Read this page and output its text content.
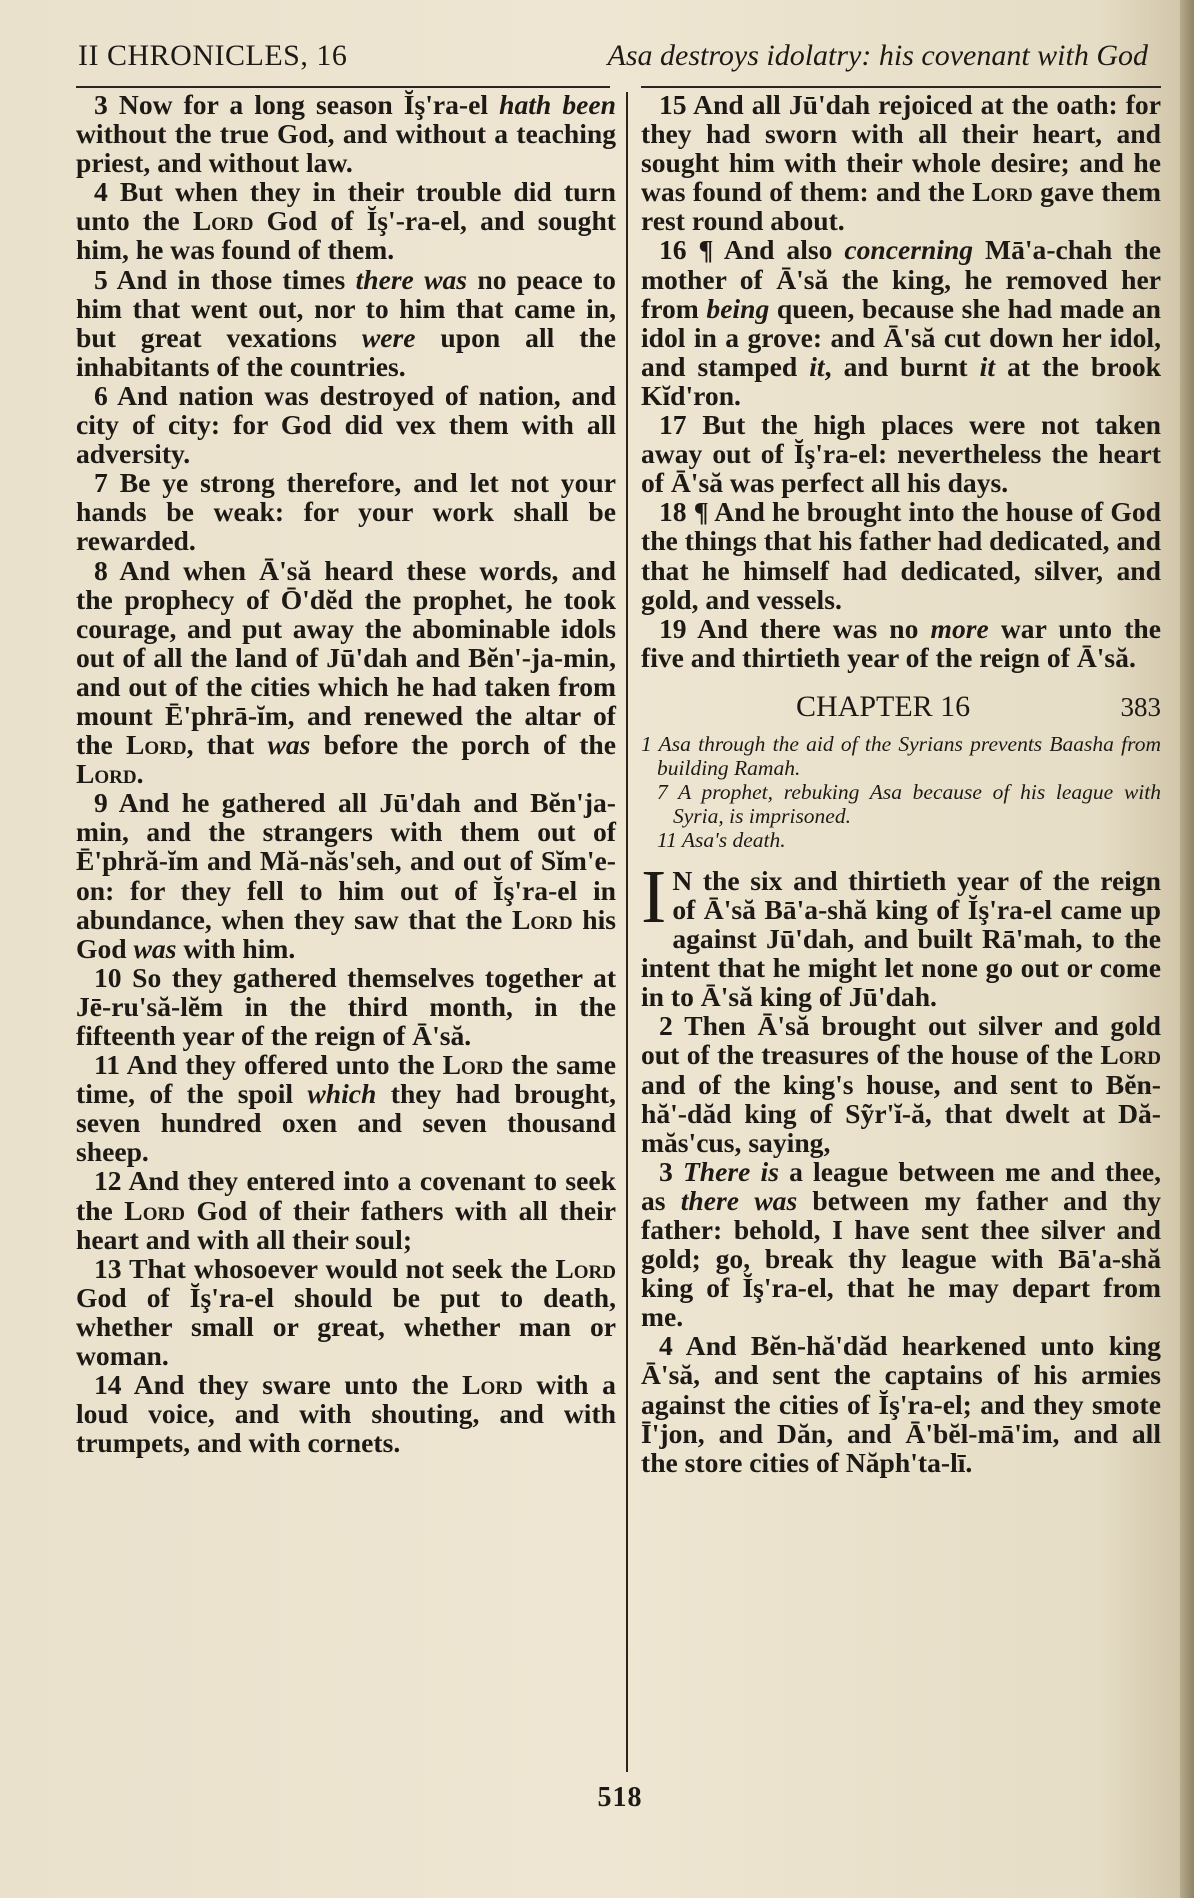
II CHRONICLES, 16	Asa destroys idolatry: his covenant with God

3 Now for a long season Ĭş'ra-el hath been without the true God, and without a teaching priest, and without law.

4 But when they in their trouble did turn unto the Lord God of Ĭş'-ra-el, and sought him, he was found of them.

5 And in those times there was no peace to him that went out, nor to him that came in, but great vexations were upon all the inhabitants of the countries.

6 And nation was destroyed of nation, and city of city: for God did vex them with all adversity.

7 Be ye strong therefore, and let not your hands be weak: for your work shall be rewarded.

8 And when Ā'să heard these words, and the prophecy of Ō'dĕd the prophet, he took courage, and put away the abominable idols out of all the land of Jū'dah and Bĕn'-ja-min, and out of the cities which he had taken from mount Ē'phrā-ĭm, and renewed the altar of the Lord, that was before the porch of the Lord.

9 And he gathered all Jū'dah and Bĕn'ja-min, and the strangers with them out of Ē'phră-ĭm and Mă-năs'seh, and out of Sĭm'e-on: for they fell to him out of Ĭş'ra-el in abundance, when they saw that the Lord his God was with him.

10 So they gathered themselves together at Jē-ru'să-lĕm in the third month, in the fifteenth year of the reign of Ā'să.

11 And they offered unto the Lord the same time, of the spoil which they had brought, seven hundred oxen and seven thousand sheep.

12 And they entered into a covenant to seek the Lord God of their fathers with all their heart and with all their soul;

13 That whosoever would not seek the Lord God of Ĭş'ra-el should be put to death, whether small or great, whether man or woman.

14 And they sware unto the Lord with a loud voice, and with shouting, and with trumpets, and with cornets.

15 And all Jū'dah rejoiced at the oath: for they had sworn with all their heart, and sought him with their whole desire; and he was found of them: and the Lord gave them rest round about.

16 ¶ And also concerning Mā'a-chah the mother of Ā'să the king, he removed her from being queen, because she had made an idol in a grove: and Ā'să cut down her idol, and stamped it, and burnt it at the brook Kĭd'ron.

17 But the high places were not taken away out of Ĭş'ra-el: nevertheless the heart of Ā'să was perfect all his days.

18 ¶ And he brought into the house of God the things that his father had dedicated, and that he himself had dedicated, silver, and gold, and vessels.

19 And there was no more war unto the five and thirtieth year of the reign of Ā'să.

CHAPTER 16	383

1 Asa through the aid of the Syrians prevents Baasha from building Ramah.

7 A prophet, rebuking Asa because of his league with Syria, is imprisoned.

11 Asa's death.

I N the six and thirtieth year of the reign of Ā'să Bā'a-shă king of Ĭş'ra-el came up against Jū'dah, and built Rā'mah, to the intent that he might let none go out or come in to Ā'să king of Jū'dah.

2 Then Ā'să brought out silver and gold out of the treasures of the house of the Lord and of the king's house, and sent to Bĕn-hă'-dăd king of Sỹr'ĭ-ă, that dwelt at Dă-măs'cus, saying,

3 There is a league between me and thee, as there was between my father and thy father: behold, I have sent thee silver and gold; go, break thy league with Bā'a-shă king of Ĭş'ra-el, that he may depart from me.

4 And Bĕn-hă'dăd hearkened unto king Ā'să, and sent the captains of his armies against the cities of Ĭş'ra-el; and they smote Ī'jon, and Dăn, and Ā'bĕl-mā'im, and all the store cities of Năph'ta-lī.

518
